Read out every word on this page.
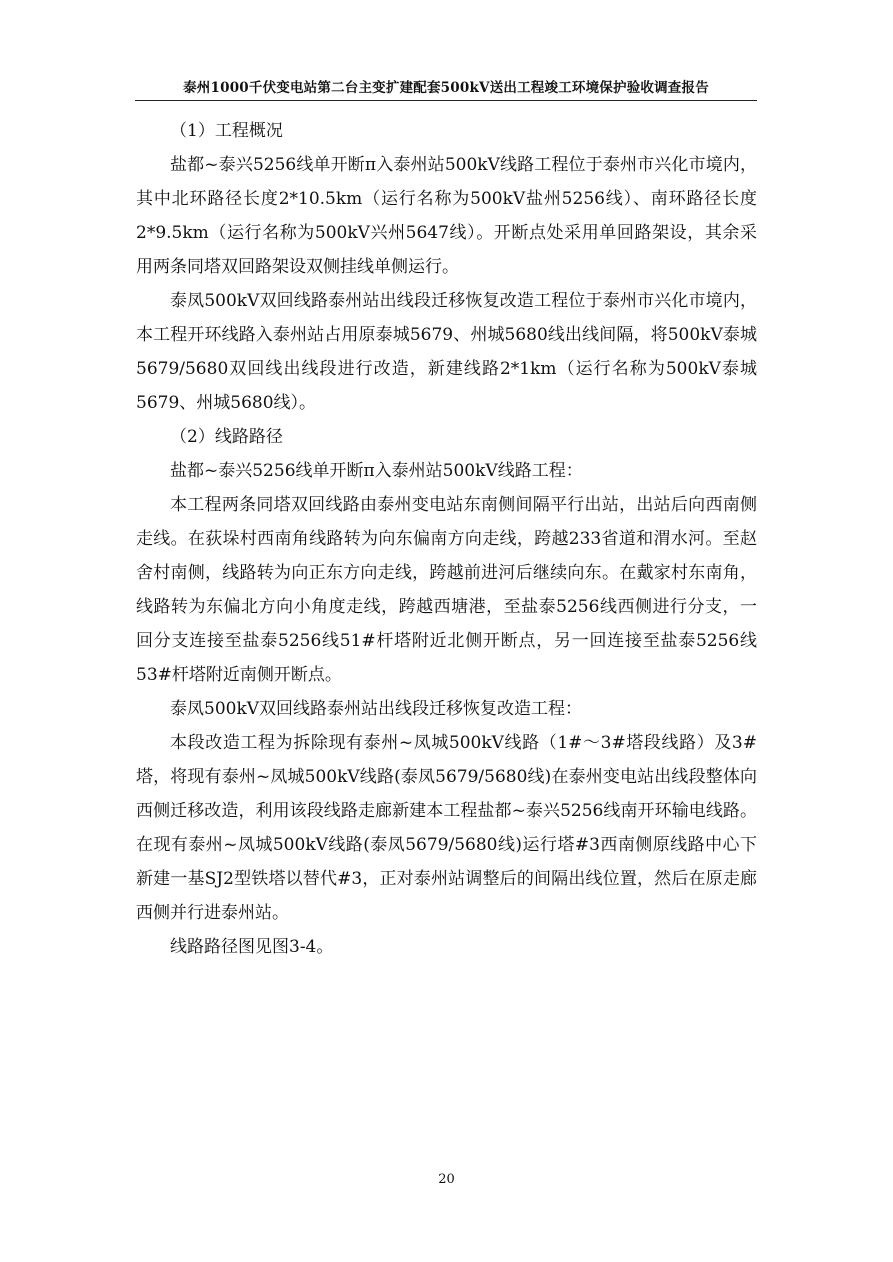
泰州1000千伏变电站第二台主变扩建配套500kV送出工程竣工环境保护验收调查报告

（1）工程概况

盐都~泰兴5256线单开断π入泰州站500kV线路工程位于泰州市兴化市境内，其中北环路径长度2*10.5km（运行名称为500kV盐州5256线）、南环路径长度2*9.5km（运行名称为500kV兴州5647线）。开断点处采用单回路架设，其余采用两条同塔双回路架设双侧挂线单侧运行。

泰凤500kV双回线路泰州站出线段迁移恢复改造工程位于泰州市兴化市境内，本工程开环线路入泰州站占用原泰城5679、州城5680线出线间隔，将500kV泰城5679/5680双回线出线段进行改造，新建线路2*1km（运行名称为500kV泰城5679、州城5680线）。

（2）线路路径

盐都~泰兴5256线单开断π入泰州站500kV线路工程：

本工程两条同塔双回线路由泰州变电站东南侧间隔平行出站，出站后向西南侧走线。在荻垛村西南角线路转为向东偏南方向走线，跨越233省道和渭水河。至赵舍村南侧，线路转为向正东方向走线，跨越前进河后继续向东。在戴家村东南角，线路转为东偏北方向小角度走线，跨越西塘港，至盐泰5256线西侧进行分支，一回分支连接至盐泰5256线51#杆塔附近北侧开断点，另一回连接至盐泰5256线53#杆塔附近南侧开断点。

泰凤500kV双回线路泰州站出线段迁移恢复改造工程：

本段改造工程为拆除现有泰州~凤城500kV线路（1#～3#塔段线路）及3#塔，将现有泰州~凤城500kV线路(泰凤5679/5680线)在泰州变电站出线段整体向西侧迁移改造，利用该段线路走廊新建本工程盐都~泰兴5256线南开环输电线路。在现有泰州~凤城500kV线路(泰凤5679/5680线)运行塔#3西南侧原线路中心下新建一基SJ2型铁塔以替代#3，正对泰州站调整后的间隔出线位置，然后在原走廊西侧并行进泰州站。

线路路径图见图3-4。

20
